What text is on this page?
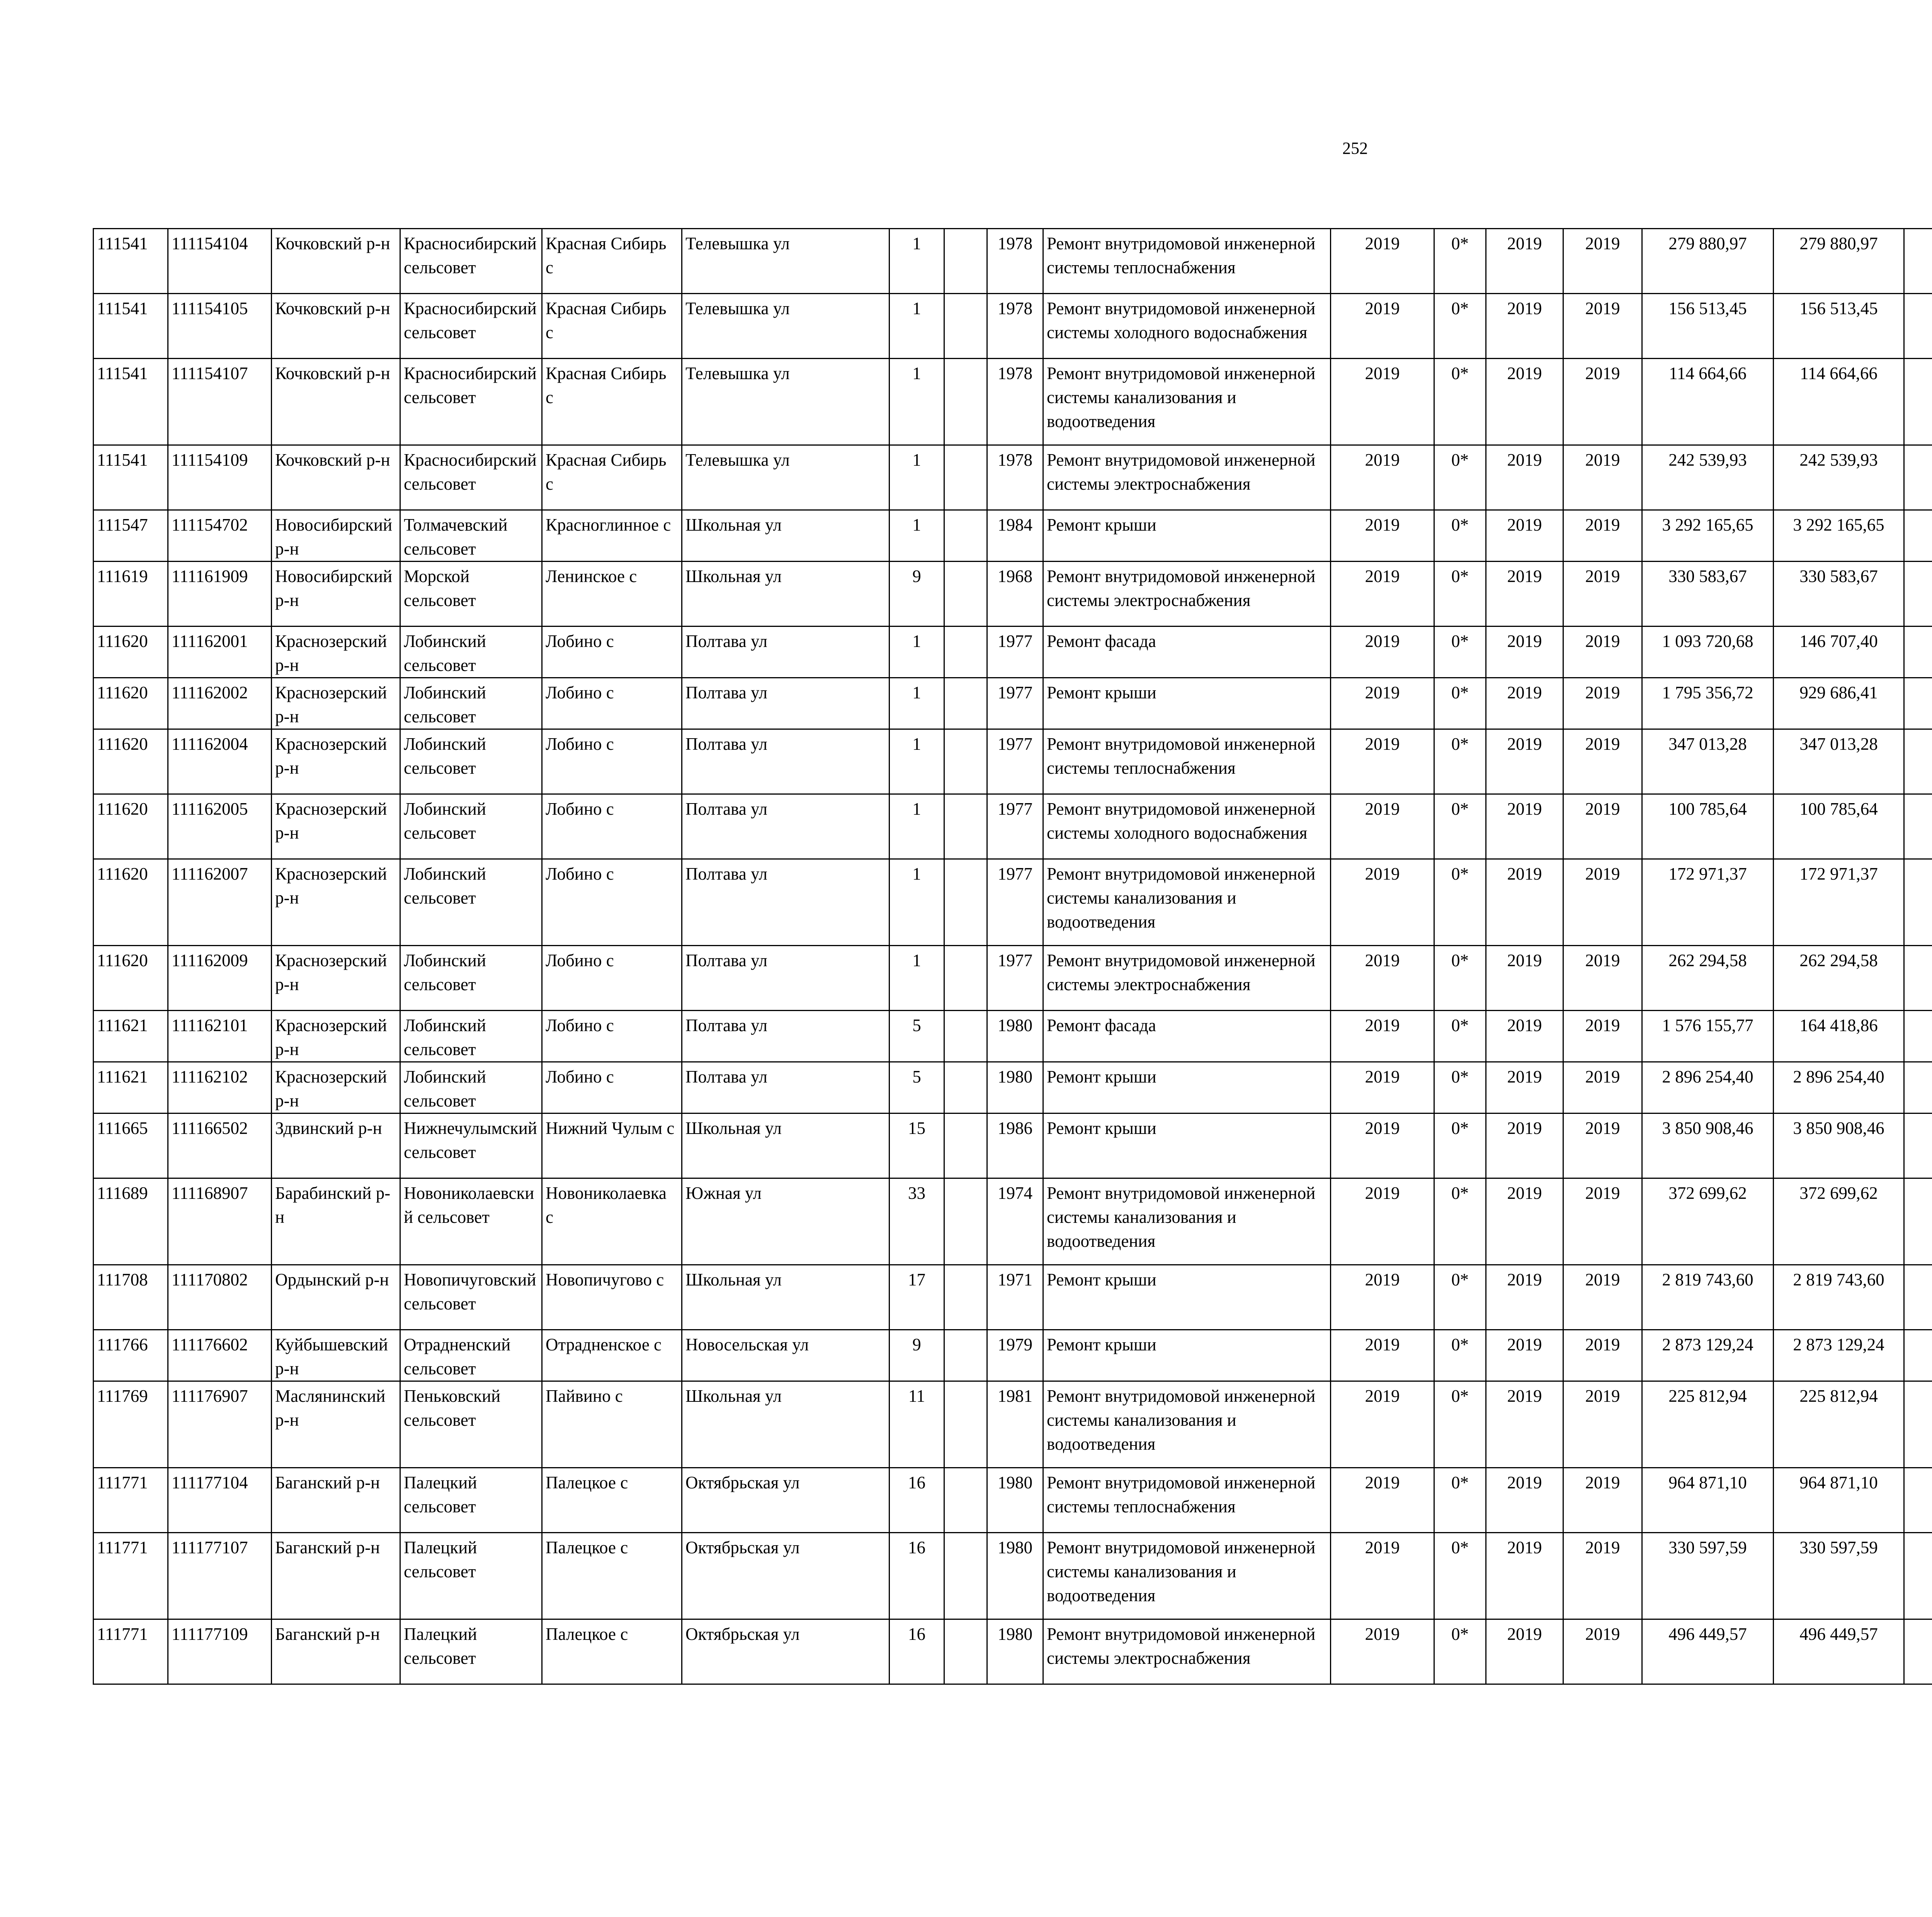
252
111541	111154104	Кочковский р-н	Красносибирский сельсовет	Красная Сибирь с	Телевышка ул	1		1978	Ремонт внутридомовой инженерной системы теплоснабжения	2019	0*	2019	2019	279 880,97	279 880,97						
111541	111154105	Кочковский р-н	Красносибирский сельсовет	Красная Сибирь с	Телевышка ул	1		1978	Ремонт внутридомовой инженерной системы холодного водоснабжения	2019	0*	2019	2019	156 513,45	156 513,45						
111541	111154107	Кочковский р-н	Красносибирский сельсовет	Красная Сибирь с	Телевышка ул	1		1978	Ремонт внутридомовой инженерной системы канализования и водоотведения	2019	0*	2019	2019	114 664,66	114 664,66						
111541	111154109	Кочковский р-н	Красносибирский сельсовет	Красная Сибирь с	Телевышка ул	1		1978	Ремонт внутридомовой инженерной системы электроснабжения	2019	0*	2019	2019	242 539,93	242 539,93						
111547	111154702	Новосибирский р-н	Толмачевский сельсовет	Красноглинное с	Школьная ул	1		1984	Ремонт крыши	2019	0*	2019	2019	3 292 165,65	3 292 165,65						
111619	111161909	Новосибирский р-н	Морской сельсовет	Ленинское с	Школьная ул	9		1968	Ремонт внутридомовой инженерной системы электроснабжения	2019	0*	2019	2019	330 583,67	330 583,67						
111620	111162001	Краснозерский р-н	Лобинский сельсовет	Лобино с	Полтава ул	1		1977	Ремонт фасада	2019	0*	2019	2019	1 093 720,68	146 707,40						
111620	111162002	Краснозерский р-н	Лобинский сельсовет	Лобино с	Полтава ул	1		1977	Ремонт крыши	2019	0*	2019	2019	1 795 356,72	929 686,41						
111620	111162004	Краснозерский р-н	Лобинский сельсовет	Лобино с	Полтава ул	1		1977	Ремонт внутридомовой инженерной системы теплоснабжения	2019	0*	2019	2019	347 013,28	347 013,28						
111620	111162005	Краснозерский р-н	Лобинский сельсовет	Лобино с	Полтава ул	1		1977	Ремонт внутридомовой инженерной системы холодного водоснабжения	2019	0*	2019	2019	100 785,64	100 785,64						
111620	111162007	Краснозерский р-н	Лобинский сельсовет	Лобино с	Полтава ул	1		1977	Ремонт внутридомовой инженерной системы канализования и водоотведения	2019	0*	2019	2019	172 971,37	172 971,37						
111620	111162009	Краснозерский р-н	Лобинский сельсовет	Лобино с	Полтава ул	1		1977	Ремонт внутридомовой инженерной системы электроснабжения	2019	0*	2019	2019	262 294,58	262 294,58						
111621	111162101	Краснозерский р-н	Лобинский сельсовет	Лобино с	Полтава ул	5		1980	Ремонт фасада	2019	0*	2019	2019	1 576 155,77	164 418,86						
111621	111162102	Краснозерский р-н	Лобинский сельсовет	Лобино с	Полтава ул	5		1980	Ремонт крыши	2019	0*	2019	2019	2 896 254,40	2 896 254,40						
111665	111166502	Здвинский р-н	Нижнечулымский сельсовет	Нижний Чулым с	Школьная ул	15		1986	Ремонт крыши	2019	0*	2019	2019	3 850 908,46	3 850 908,46						
111689	111168907	Барабинский р-н	Новониколаевский сельсовет	Новониколаевка с	Южная ул	33		1974	Ремонт внутридомовой инженерной системы канализования и водоотведения	2019	0*	2019	2019	372 699,62	372 699,62						
111708	111170802	Ордынский р-н	Новопичуговский сельсовет	Новопичугово с	Школьная ул	17		1971	Ремонт крыши	2019	0*	2019	2019	2 819 743,60	2 819 743,60						
111766	111176602	Куйбышевский р-н	Отрадненский сельсовет	Отрадненское с	Новосельская ул	9		1979	Ремонт крыши	2019	0*	2019	2019	2 873 129,24	2 873 129,24						
111769	111176907	Маслянинский р-н	Пеньковский сельсовет	Пайвино с	Школьная ул	11		1981	Ремонт внутридомовой инженерной системы канализования и водоотведения	2019	0*	2019	2019	225 812,94	225 812,94						
111771	111177104	Баганский р-н	Палецкий сельсовет	Палецкое с	Октябрьская ул	16		1980	Ремонт внутридомовой инженерной системы теплоснабжения	2019	0*	2019	2019	964 871,10	964 871,10						
111771	111177107	Баганский р-н	Палецкий сельсовет	Палецкое с	Октябрьская ул	16		1980	Ремонт внутридомовой инженерной системы канализования и водоотведения	2019	0*	2019	2019	330 597,59	330 597,59						
111771	111177109	Баганский р-н	Палецкий сельсовет	Палецкое с	Октябрьская ул	16		1980	Ремонт внутридомовой инженерной системы электроснабжения	2019	0*	2019	2019	496 449,57	496 449,57						
